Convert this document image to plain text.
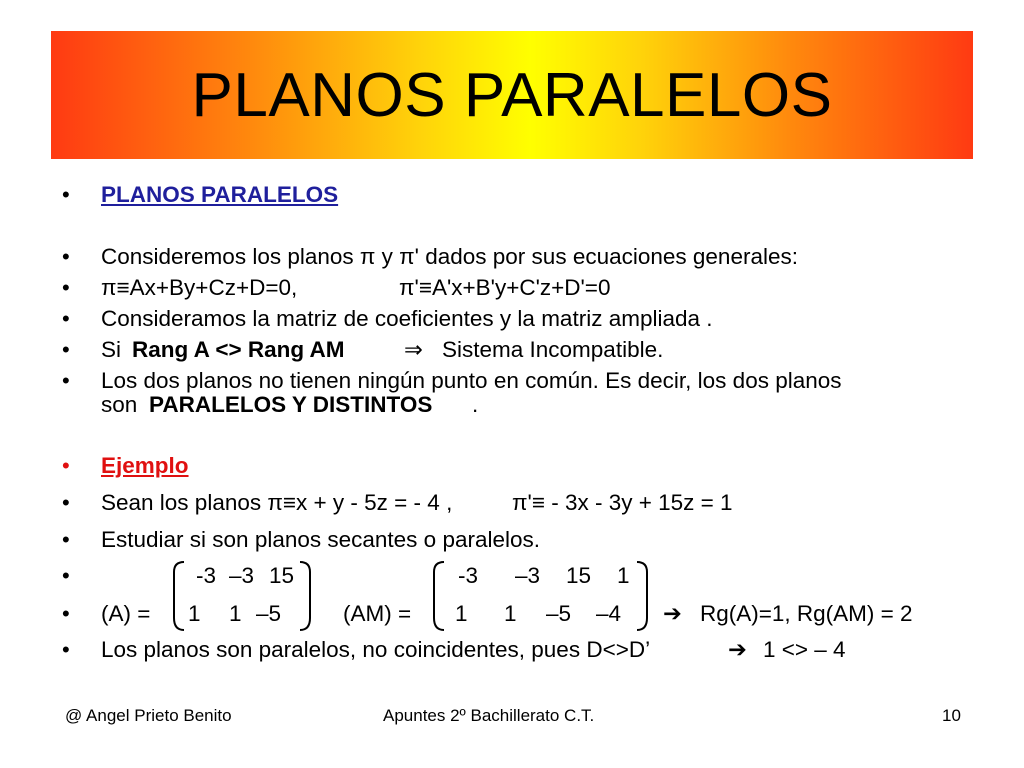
PLANOS PARALELOS
• PLANOS PARALELOS
• Consideremos los planos π y π' dados por sus ecuaciones generales:
• π≡Ax+By+Cz+D=0,	π'≡A'x+B'y+C'z+D'=0
• Consideramos la matriz de coeficientes y la matriz ampliada .
• Si Rang A <> Rang AM	⇒ Sistema Incompatible.
• Los dos planos no tienen ningún punto en común. Es decir, los dos planos
son PARALELOS Y DISTINTOS .
• Ejemplo
• Sean los planos π≡x + y - 5z = - 4 ,	π'≡ - 3x - 3y + 15z = 1
• Estudiar si son planos secantes o paralelos.
•	-3 –3 15	-3 –3 15 1
• (A) = 1 1 –5	(AM) = 1 1 –5 –4 ➔ Rg(A)=1, Rg(AM) = 2
• Los planos son paralelos, no coincidentes, pues D<>D’	➔ 1 <> – 4
@ Angel Prieto Benito	Apuntes 2º Bachillerato C.T.	10
